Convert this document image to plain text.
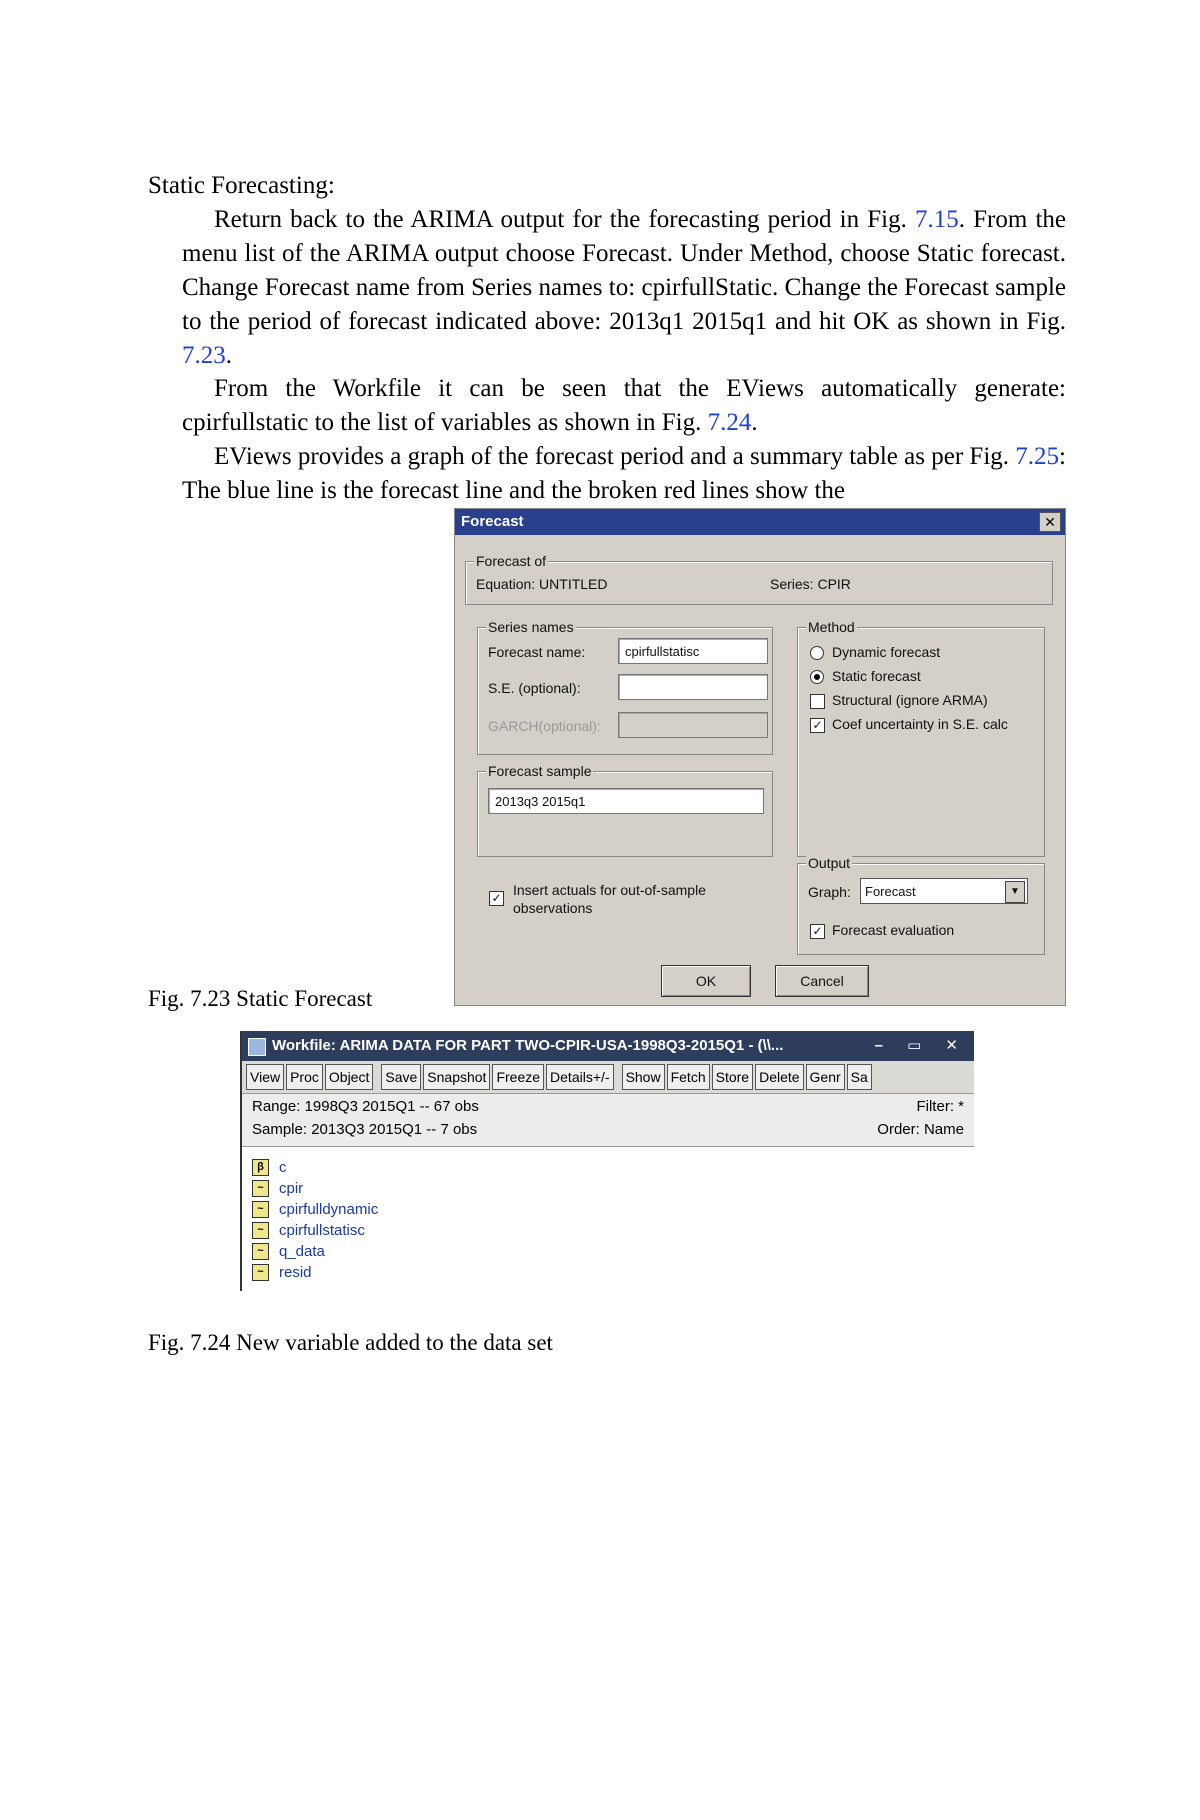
Static Forecasting:
Return back to the ARIMA output for the forecasting period in Fig. 7.15. From the menu list of the ARIMA output choose Forecast. Under Method, choose Static forecast. Change Forecast name from Series names to: cpirfullStatic. Change the Forecast sample to the period of forecast indicated above: 2013q1 2015q1 and hit OK as shown in Fig. 7.23.
From the Workfile it can be seen that the EViews automatically generate: cpirfullstatic to the list of variables as shown in Fig. 7.24.
EViews provides a graph of the forecast period and a summary table as per Fig. 7.25: The blue line is the forecast line and the broken red lines show the
Forecast	✕
Forecast of
Equation: UNTITLED	Series: CPIR
Series names
Forecast name:	cpirfullstatisc
S.E. (optional):
GARCH(optional):
Method
Dynamic forecast
Static forecast
Structural (ignore ARMA)
✓ Coef uncertainty in S.E. calc
Forecast sample
2013q3 2015q1
✓ Insert actuals for out-of-sample observations
Output
Graph:	Forecast	▼
✓ Forecast evaluation
OK	Cancel
Fig. 7.23 Static Forecast
Workfile: ARIMA DATA FOR PART TWO-CPIR-USA-1998Q3-2015Q1 - (\\...	– ▭ ✕
View Proc Object Save Snapshot Freeze Details+/- Show Fetch Store Delete Genr Sa
Range: 1998Q3 2015Q1 -- 67 obs
Sample: 2013Q3 2015Q1 -- 7 obs
Filter: *
Order: Name
β	c
~	cpir
~	cpirfulldynamic
~	cpirfullstatisc
~	q_data
~	resid
Fig. 7.24 New variable added to the data set
